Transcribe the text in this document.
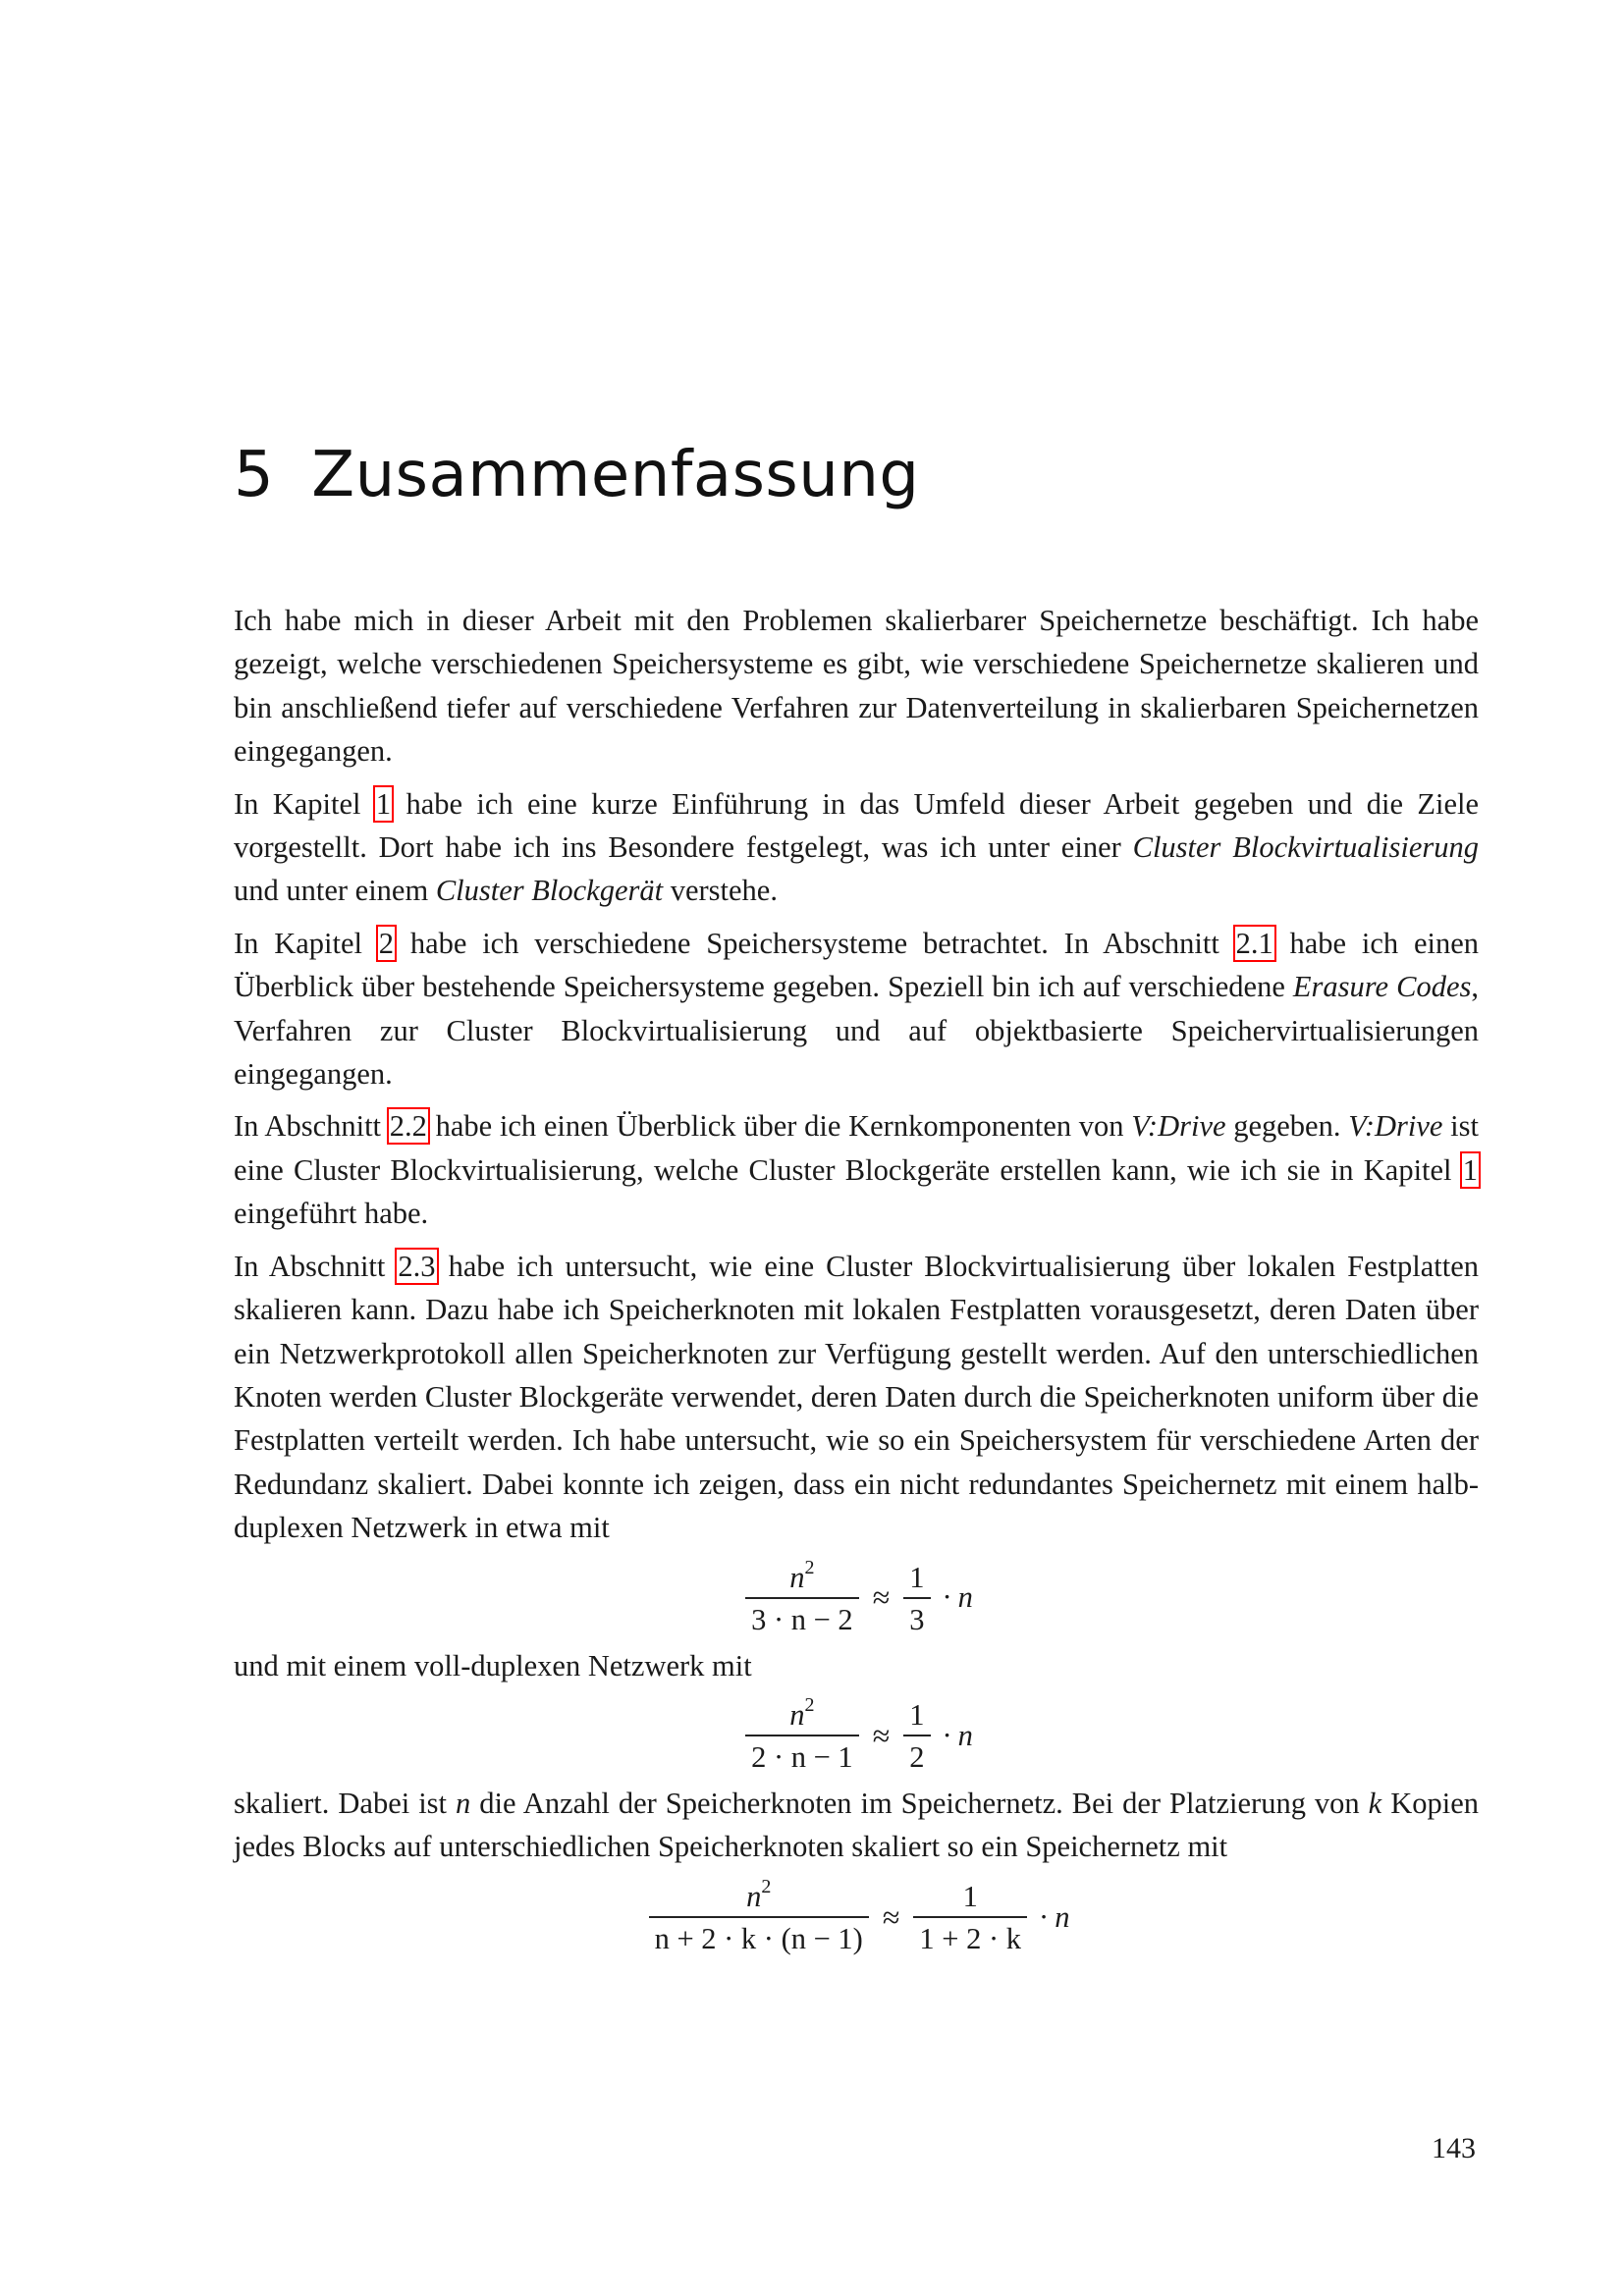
5 Zusammenfassung

Ich habe mich in dieser Arbeit mit den Problemen skalierbarer Speichernetze beschäftigt. Ich habe gezeigt, welche verschiedenen Speichersysteme es gibt, wie verschiedene Speichernetze skalieren und bin anschließend tiefer auf verschiedene Verfahren zur Datenverteilung in skalierbaren Speichernetzen eingegangen.

In Kapitel 1 habe ich eine kurze Einführung in das Umfeld dieser Arbeit gegeben und die Ziele vorgestellt. Dort habe ich ins Besondere festgelegt, was ich unter einer Cluster Blockvirtualisierung und unter einem Cluster Blockgerät verstehe.

In Kapitel 2 habe ich verschiedene Speichersysteme betrachtet. In Abschnitt 2.1 habe ich einen Überblick über bestehende Speichersysteme gegeben. Speziell bin ich auf verschiedene Erasure Codes, Verfahren zur Cluster Blockvirtualisierung und auf objektbasierte Speichervirtualisierungen eingegangen.

In Abschnitt 2.2 habe ich einen Überblick über die Kernkomponenten von V:Drive gegeben. V:Drive ist eine Cluster Blockvirtualisierung, welche Cluster Blockgeräte erstellen kann, wie ich sie in Kapitel 1 eingeführt habe.

In Abschnitt 2.3 habe ich untersucht, wie eine Cluster Blockvirtualisierung über lokalen Festplatten skalieren kann. Dazu habe ich Speicherknoten mit lokalen Festplatten vorausgesetzt, deren Daten über ein Netzwerkprotokoll allen Speicherknoten zur Verfügung gestellt werden. Auf den unterschiedlichen Knoten werden Cluster Blockgeräte verwendet, deren Daten durch die Speicherknoten uniform über die Festplatten verteilt werden. Ich habe untersucht, wie so ein Speichersystem für verschiedene Arten der Redundanz skaliert. Dabei konnte ich zeigen, dass ein nicht redundantes Speichernetz mit einem halb-duplexen Netzwerk in etwa mit

$\frac{n^2}{3 \cdot n - 2} \approx \frac{1}{3} \cdot n$

und mit einem voll-duplexen Netzwerk mit

$\frac{n^2}{2 \cdot n - 1} \approx \frac{1}{2} \cdot n$

skaliert. Dabei ist n die Anzahl der Speicherknoten im Speichernetz. Bei der Platzierung von k Kopien jedes Blocks auf unterschiedlichen Speicherknoten skaliert so ein Speichernetz mit

$\frac{n^2}{n + 2 \cdot k \cdot (n - 1)} \approx \frac{1}{1 + 2 \cdot k} \cdot n$
143
